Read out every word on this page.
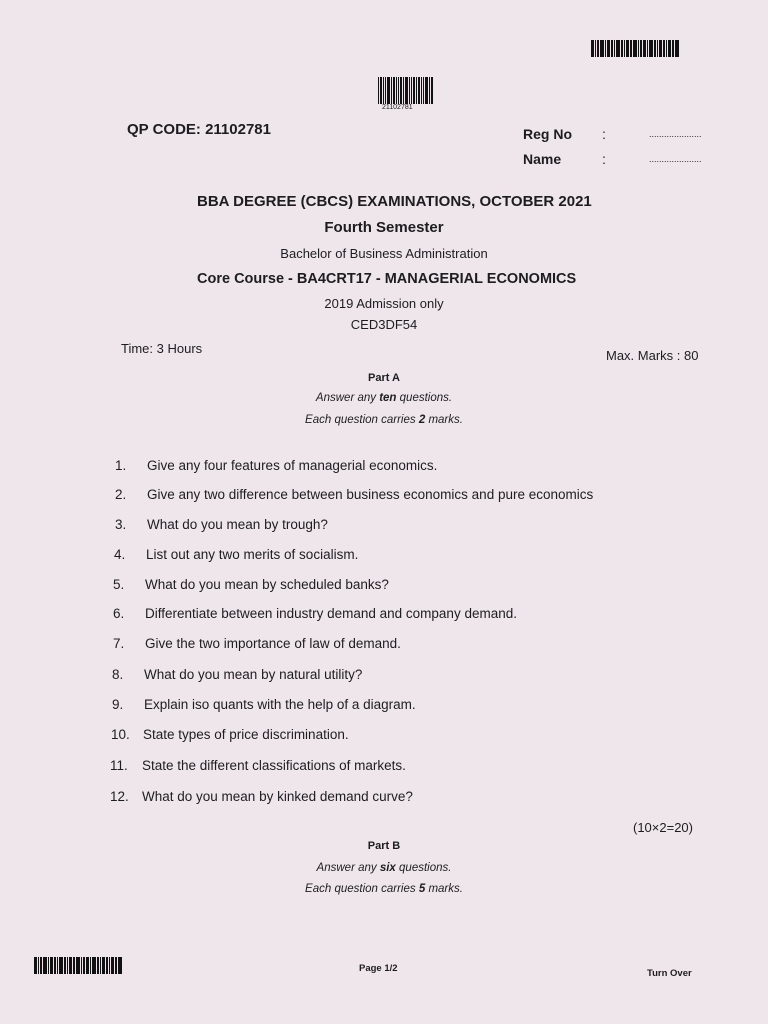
21102781
QP CODE: 21102781	Reg No :	.....................
Name	:	.....................
BBA DEGREE (CBCS) EXAMINATIONS, OCTOBER 2021
Fourth Semester
Bachelor of Business Administration
Core Course - BA4CRT17 - MANAGERIAL ECONOMICS
2019 Admission only
CED3DF54
Time: 3 Hours	Max. Marks : 80
Part A
Answer any ten questions.
Each question carries 2 marks.
1. Give any four features of managerial economics.
2. Give any two difference between business economics and pure economics
3. What do you mean by trough?
4. List out any two merits of socialism.
5. What do you mean by scheduled banks?
6. Differentiate between industry demand and company demand.
7. Give the two importance of law of demand.
8. What do you mean by natural utility?
9. Explain iso quants with the help of a diagram.
10. State types of price discrimination.
11. State the different classifications of markets.
12. What do you mean by kinked demand curve?
(10×2=20)
Part B
Answer any six questions.
Each question carries 5 marks.
Page 1/2	Turn Over
